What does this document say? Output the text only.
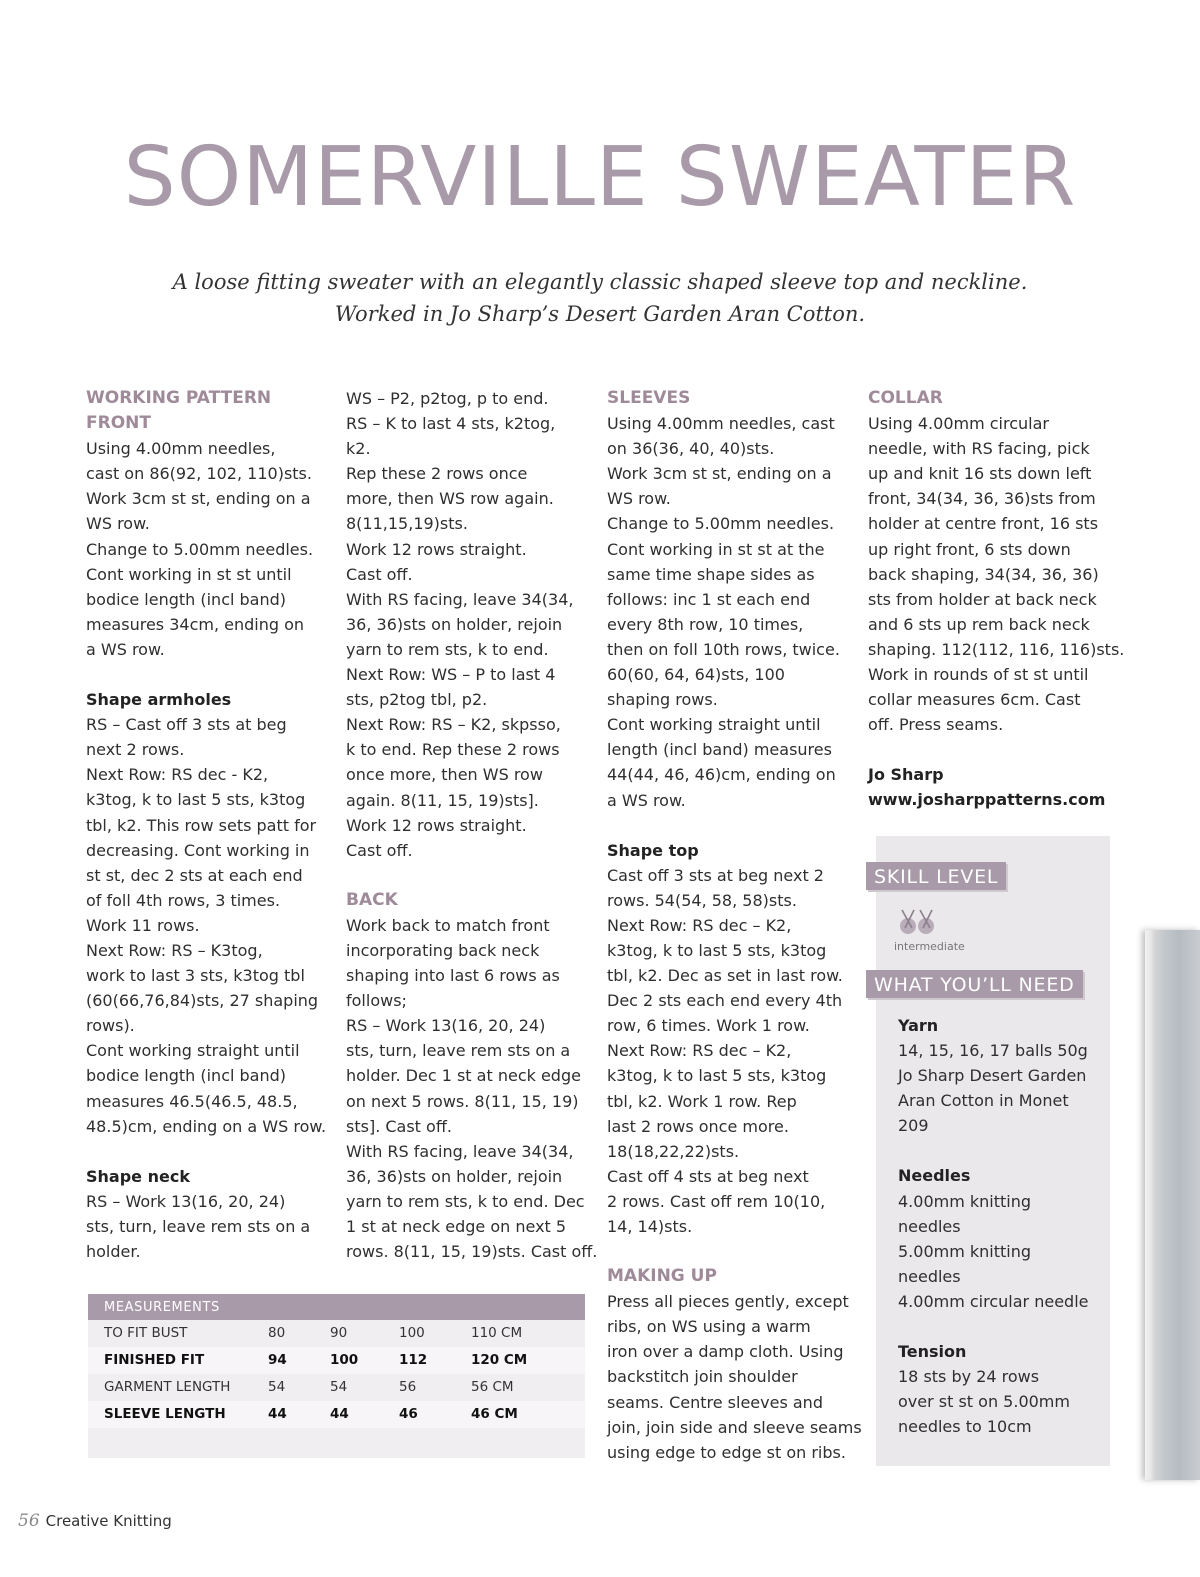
SOMERVILLE SWEATER
A loose fitting sweater with an elegantly classic shaped sleeve top and neckline.
Worked in Jo Sharp’s Desert Garden Aran Cotton.
WORKING PATTERN
FRONT
Using 4.00mm needles,
cast on 86(92, 102, 110)sts.
Work 3cm st st, ending on a
WS row.
Change to 5.00mm needles.
Cont working in st st until
bodice length (incl band)
measures 34cm, ending on
a WS row.
Shape armholes
RS – Cast off 3 sts at beg
next 2 rows.
Next Row: RS dec - K2,
k3tog, k to last 5 sts, k3tog
tbl, k2. This row sets patt for
decreasing. Cont working in
st st, dec 2 sts at each end
of foll 4th rows, 3 times.
Work 11 rows.
Next Row: RS – K3tog,
work to last 3 sts, k3tog tbl
(60(66,76,84)sts, 27 shaping
rows).
Cont working straight until
bodice length (incl band)
measures 46.5(46.5, 48.5,
48.5)cm, ending on a WS row.
Shape neck
RS – Work 13(16, 20, 24)
sts, turn, leave rem sts on a
holder.
WS – P2, p2tog, p to end.
RS – K to last 4 sts, k2tog,
k2.
Rep these 2 rows once
more, then WS row again.
8(11,15,19)sts.
Work 12 rows straight.
Cast off.
With RS facing, leave 34(34,
36, 36)sts on holder, rejoin
yarn to rem sts, k to end.
Next Row: WS – P to last 4
sts, p2tog tbl, p2.
Next Row: RS – K2, skpsso,
k to end. Rep these 2 rows
once more, then WS row
again. 8(11, 15, 19)sts].
Work 12 rows straight.
Cast off.
BACK
Work back to match front
incorporating back neck
shaping into last 6 rows as
follows;
RS – Work 13(16, 20, 24)
sts, turn, leave rem sts on a
holder. Dec 1 st at neck edge
on next 5 rows. 8(11, 15, 19)
sts]. Cast off.
With RS facing, leave 34(34,
36, 36)sts on holder, rejoin
yarn to rem sts, k to end. Dec
1 st at neck edge on next 5
rows. 8(11, 15, 19)sts. Cast off.
SLEEVES
Using 4.00mm needles, cast
on 36(36, 40, 40)sts.
Work 3cm st st, ending on a
WS row.
Change to 5.00mm needles.
Cont working in st st at the
same time shape sides as
follows: inc 1 st each end
every 8th row, 10 times,
then on foll 10th rows, twice.
60(60, 64, 64)sts, 100
shaping rows.
Cont working straight until
length (incl band) measures
44(44, 46, 46)cm, ending on
a WS row.
Shape top
Cast off 3 sts at beg next 2
rows. 54(54, 58, 58)sts.
Next Row: RS dec – K2,
k3tog, k to last 5 sts, k3tog
tbl, k2. Dec as set in last row.
Dec 2 sts each end every 4th
row, 6 times. Work 1 row.
Next Row: RS dec – K2,
k3tog, k to last 5 sts, k3tog
tbl, k2. Work 1 row. Rep
last 2 rows once more.
18(18,22,22)sts.
Cast off 4 sts at beg next
2 rows. Cast off rem 10(10,
14, 14)sts.
MAKING UP
Press all pieces gently, except
ribs, on WS using a warm
iron over a damp cloth. Using
backstitch join shoulder
seams. Centre sleeves and
join, join side and sleeve seams
using edge to edge st on ribs.
COLLAR
Using 4.00mm circular
needle, with RS facing, pick
up and knit 16 sts down left
front, 34(34, 36, 36)sts from
holder at centre front, 16 sts
up right front, 6 sts down
back shaping, 34(34, 36, 36)
sts from holder at back neck
and 6 sts up rem back neck
shaping. 112(112, 116, 116)sts.
Work in rounds of st st until
collar measures 6cm. Cast
off. Press seams.
Jo Sharp
www.josharppatterns.com
SKILL LEVEL
intermediate
WHAT YOU’LL NEED
Yarn
14, 15, 16, 17 balls 50g
Jo Sharp Desert Garden
Aran Cotton in Monet
209
Needles
4.00mm knitting
needles
5.00mm knitting
needles
4.00mm circular needle
Tension
18 sts by 24 rows
over st st on 5.00mm
needles to 10cm
MEASUREMENTS
TO FIT BUST	80	90	100	110 CM
FINISHED FIT	94	100	112	120 CM
GARMENT LENGTH	54	54	56	56 CM
SLEEVE LENGTH	44	44	46	46 CM
56 Creative Knitting
